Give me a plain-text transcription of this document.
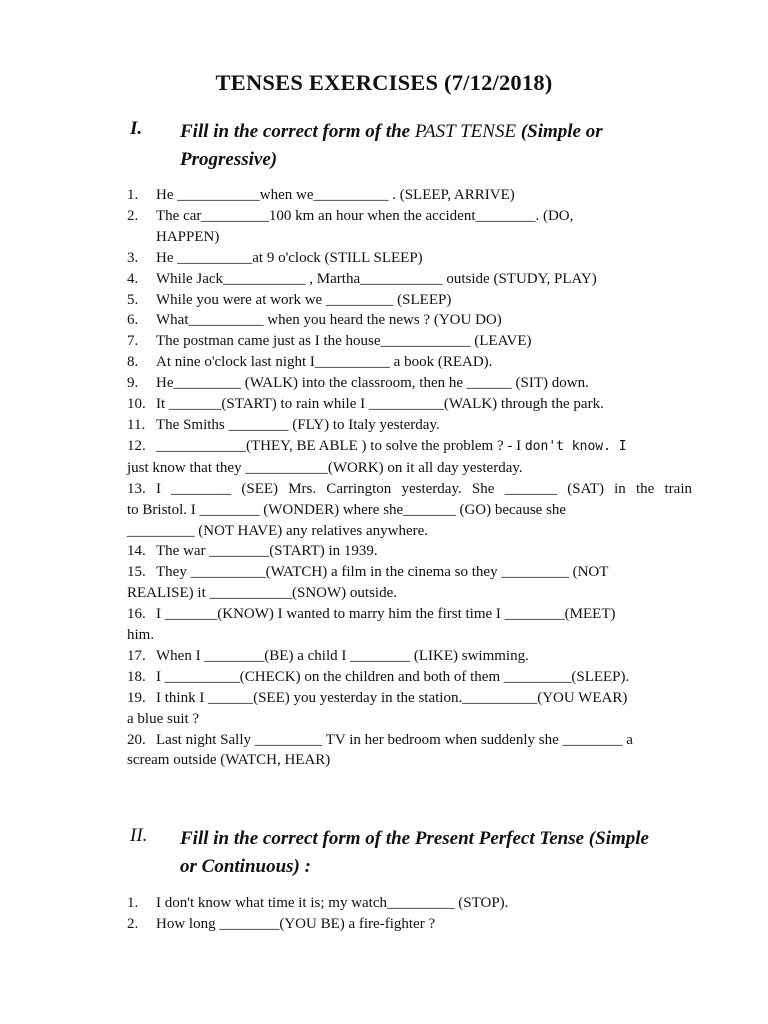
TENSES EXERCISES (7/12/2018)
I. Fill in the correct form of the PAST TENSE (Simple or
Progressive)
1. He ___________when we__________ . (SLEEP, ARRIVE)
2. The car_________100 km an hour when the accident________. (DO,
HAPPEN)
3. He __________at 9 o'clock (STILL SLEEP)
4. While Jack___________ , Martha___________ outside (STUDY, PLAY)
5. While you were at work we _________ (SLEEP)
6. What__________ when you heard the news ? (YOU DO)
7. The postman came just as I the house____________ (LEAVE)
8. At nine o'clock last night I__________ a book (READ).
9. He_________ (WALK) into the classroom, then he ______ (SIT) down.
10. It _______(START) to rain while I __________(WALK) through the park.
11. The Smiths ________ (FLY) to Italy yesterday.
12. ____________(THEY, BE ABLE ) to solve the problem ? - I don't know. I
just know that they ___________(WORK) on it all day yesterday.
13. I ________ (SEE) Mrs. Carrington yesterday. She _______ (SAT) in the train
to Bristol. I ________ (WONDER) where she_______ (GO) because she
_________ (NOT HAVE) any relatives anywhere.
14. The war ________(START) in 1939.
15. They __________(WATCH) a film in the cinema so they _________ (NOT
REALISE) it ___________(SNOW) outside.
16. I _______(KNOW) I wanted to marry him the first time I ________(MEET)
him.
17. When I ________(BE) a child I ________ (LIKE) swimming.
18. I __________(CHECK) on the children and both of them _________(SLEEP).
19. I think I ______(SEE) you yesterday in the station.__________(YOU WEAR)
a blue suit ?
20. Last night Sally _________ TV in her bedroom when suddenly she ________ a
scream outside (WATCH, HEAR)
II. Fill in the correct form of the Present Perfect Tense (Simple
or Continuous) :
1. I don't know what time it is; my watch_________ (STOP).
2. How long ________(YOU BE) a fire-fighter ?
